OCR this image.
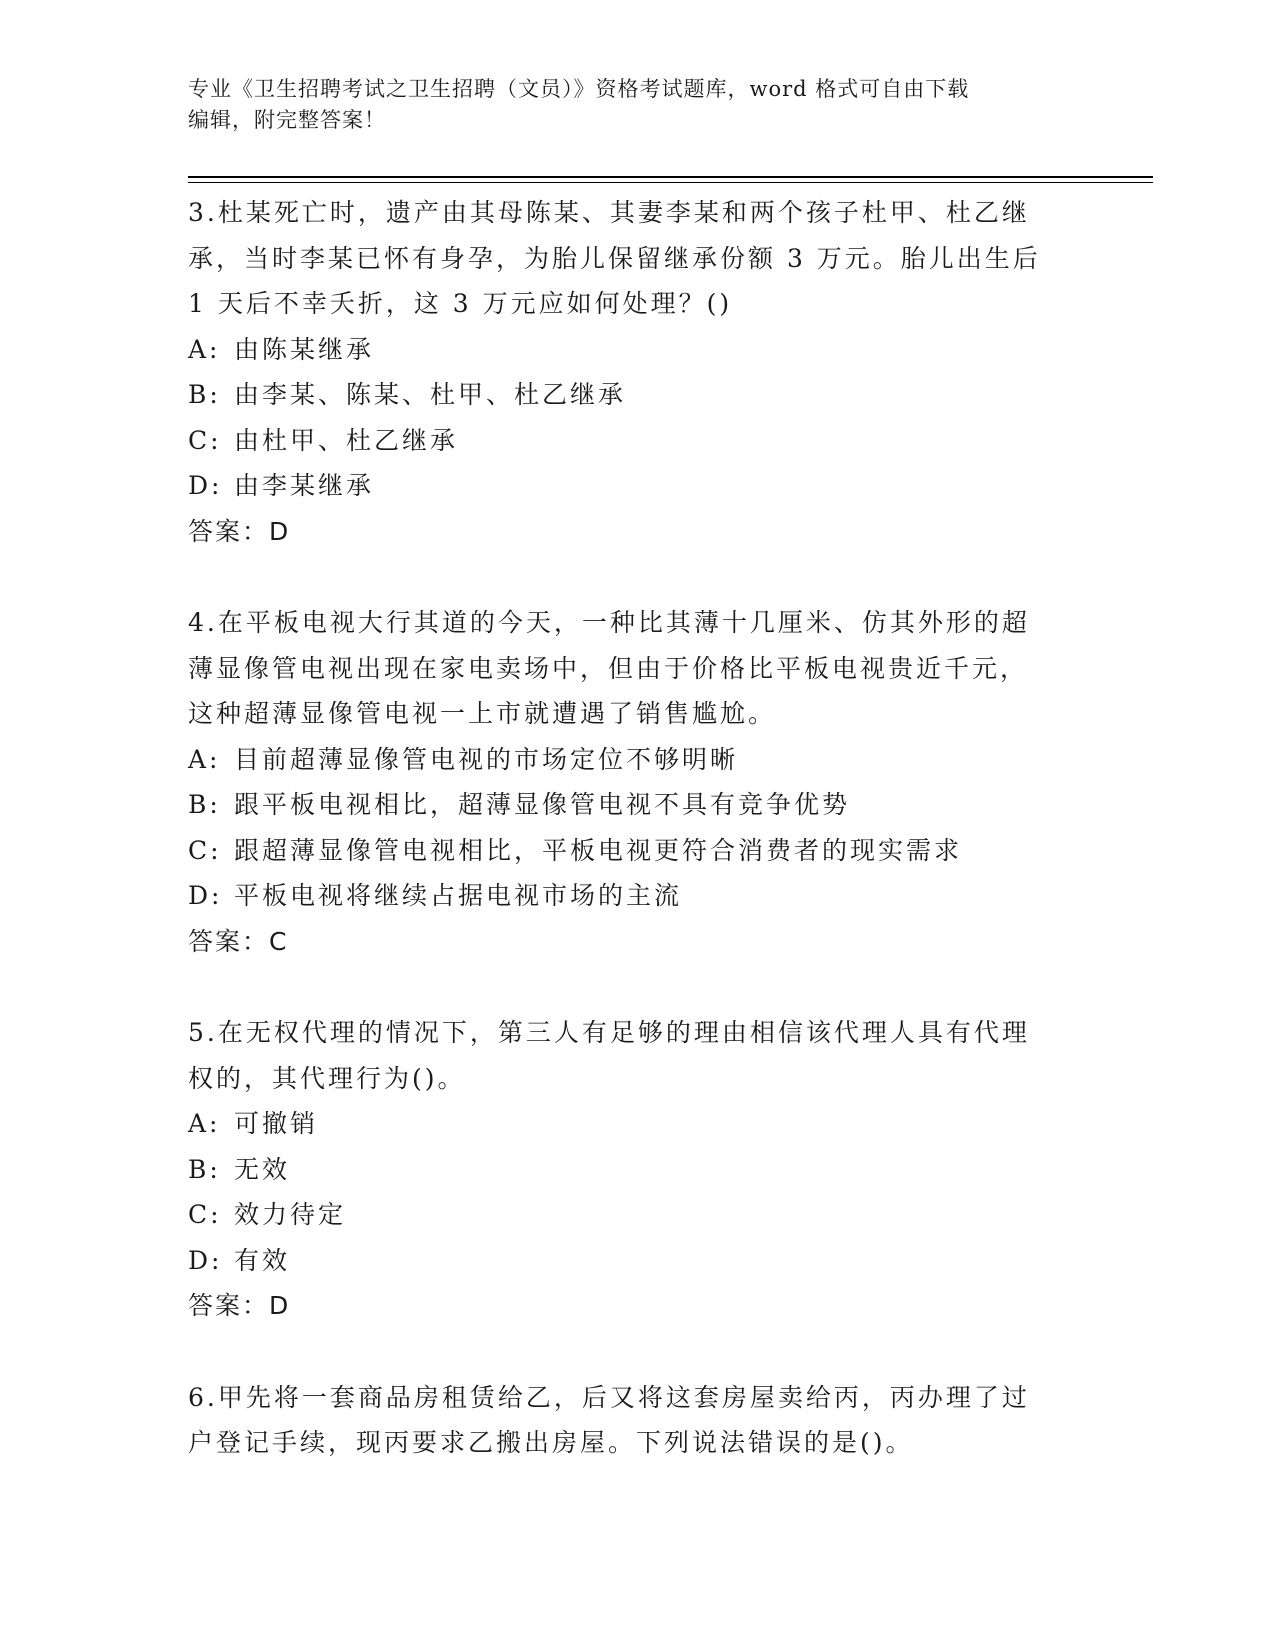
专业《卫生招聘考试之卫生招聘（文员）》资格考试题库，word 格式可自由下载
编辑，附完整答案！

3.杜某死亡时，遗产由其母陈某、其妻李某和两个孩子杜甲、杜乙继

承，当时李某已怀有身孕，为胎儿保留继承份额 3 万元。胎儿出生后

1 天后不幸夭折，这 3 万元应如何处理？()

A: 由陈某继承
B: 由李某、陈某、杜甲、杜乙继承
C: 由杜甲、杜乙继承
D: 由李某继承

答案：D

4.在平板电视大行其道的今天，一种比其薄十几厘米、仿其外形的超

薄显像管电视出现在家电卖场中，但由于价格比平板电视贵近千元，

这种超薄显像管电视一上市就遭遇了销售尴尬。

A: 目前超薄显像管电视的市场定位不够明晰
B: 跟平板电视相比，超薄显像管电视不具有竞争优势
C: 跟超薄显像管电视相比，平板电视更符合消费者的现实需求
D: 平板电视将继续占据电视市场的主流

答案：C

5.在无权代理的情况下，第三人有足够的理由相信该代理人具有代理

权的，其代理行为()。

A: 可撤销
B: 无效
C: 效力待定
D: 有效

答案：D

6.甲先将一套商品房租赁给乙，后又将这套房屋卖给丙，丙办理了过

户登记手续，现丙要求乙搬出房屋。下列说法错误的是()。
